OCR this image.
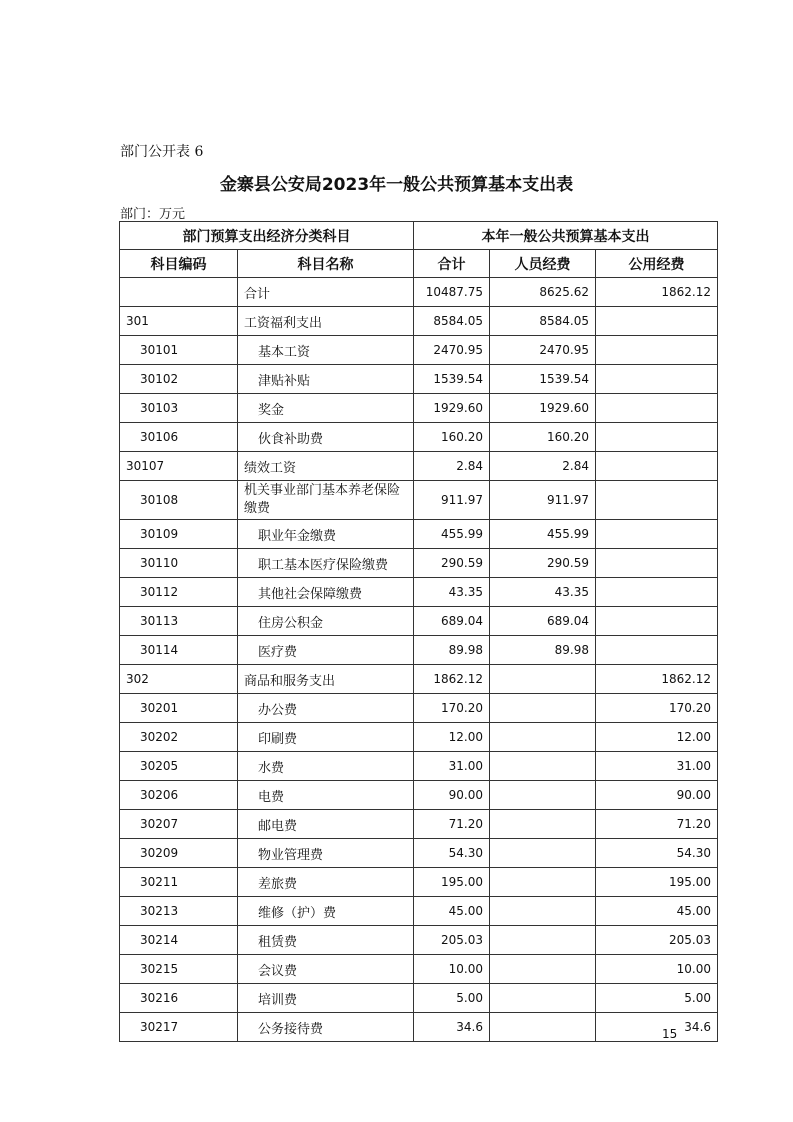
部门公开表 6
金寨县公安局2023年一般公共预算基本支出表
部门：万元
部门预算支出经济分类科目		本年一般公共预算基本支出		
科目编码	科目名称	合计	人员经费	公用经费
	合计	10487.75	8625.62	1862.12
301	工资福利支出	8584.05	8584.05	
30101	基本工资	2470.95	2470.95	
30102	津贴补贴	1539.54	1539.54	
30103	奖金	1929.60	1929.60	
30106	伙食补助费	160.20	160.20	
30107	绩效工资	2.84	2.84	
30108	机关事业部门基本养老保险缴费	911.97	911.97	
30109	职业年金缴费	455.99	455.99	
30110	职工基本医疗保险缴费	290.59	290.59	
30112	其他社会保障缴费	43.35	43.35	
30113	住房公积金	689.04	689.04	
30114	医疗费	89.98	89.98	
302	商品和服务支出	1862.12		1862.12
30201	办公费	170.20		170.20
30202	印刷费	12.00		12.00
30205	水费	31.00		31.00
30206	电费	90.00		90.00
30207	邮电费	71.20		71.20
30209	物业管理费	54.30		54.30
30211	差旅费	195.00		195.00
30213	维修（护）费	45.00		45.00
30214	租赁费	205.03		205.03
30215	会议费	10.00		10.00
30216	培训费	5.00		5.00
30217	公务接待费	34.6		34.6
15
